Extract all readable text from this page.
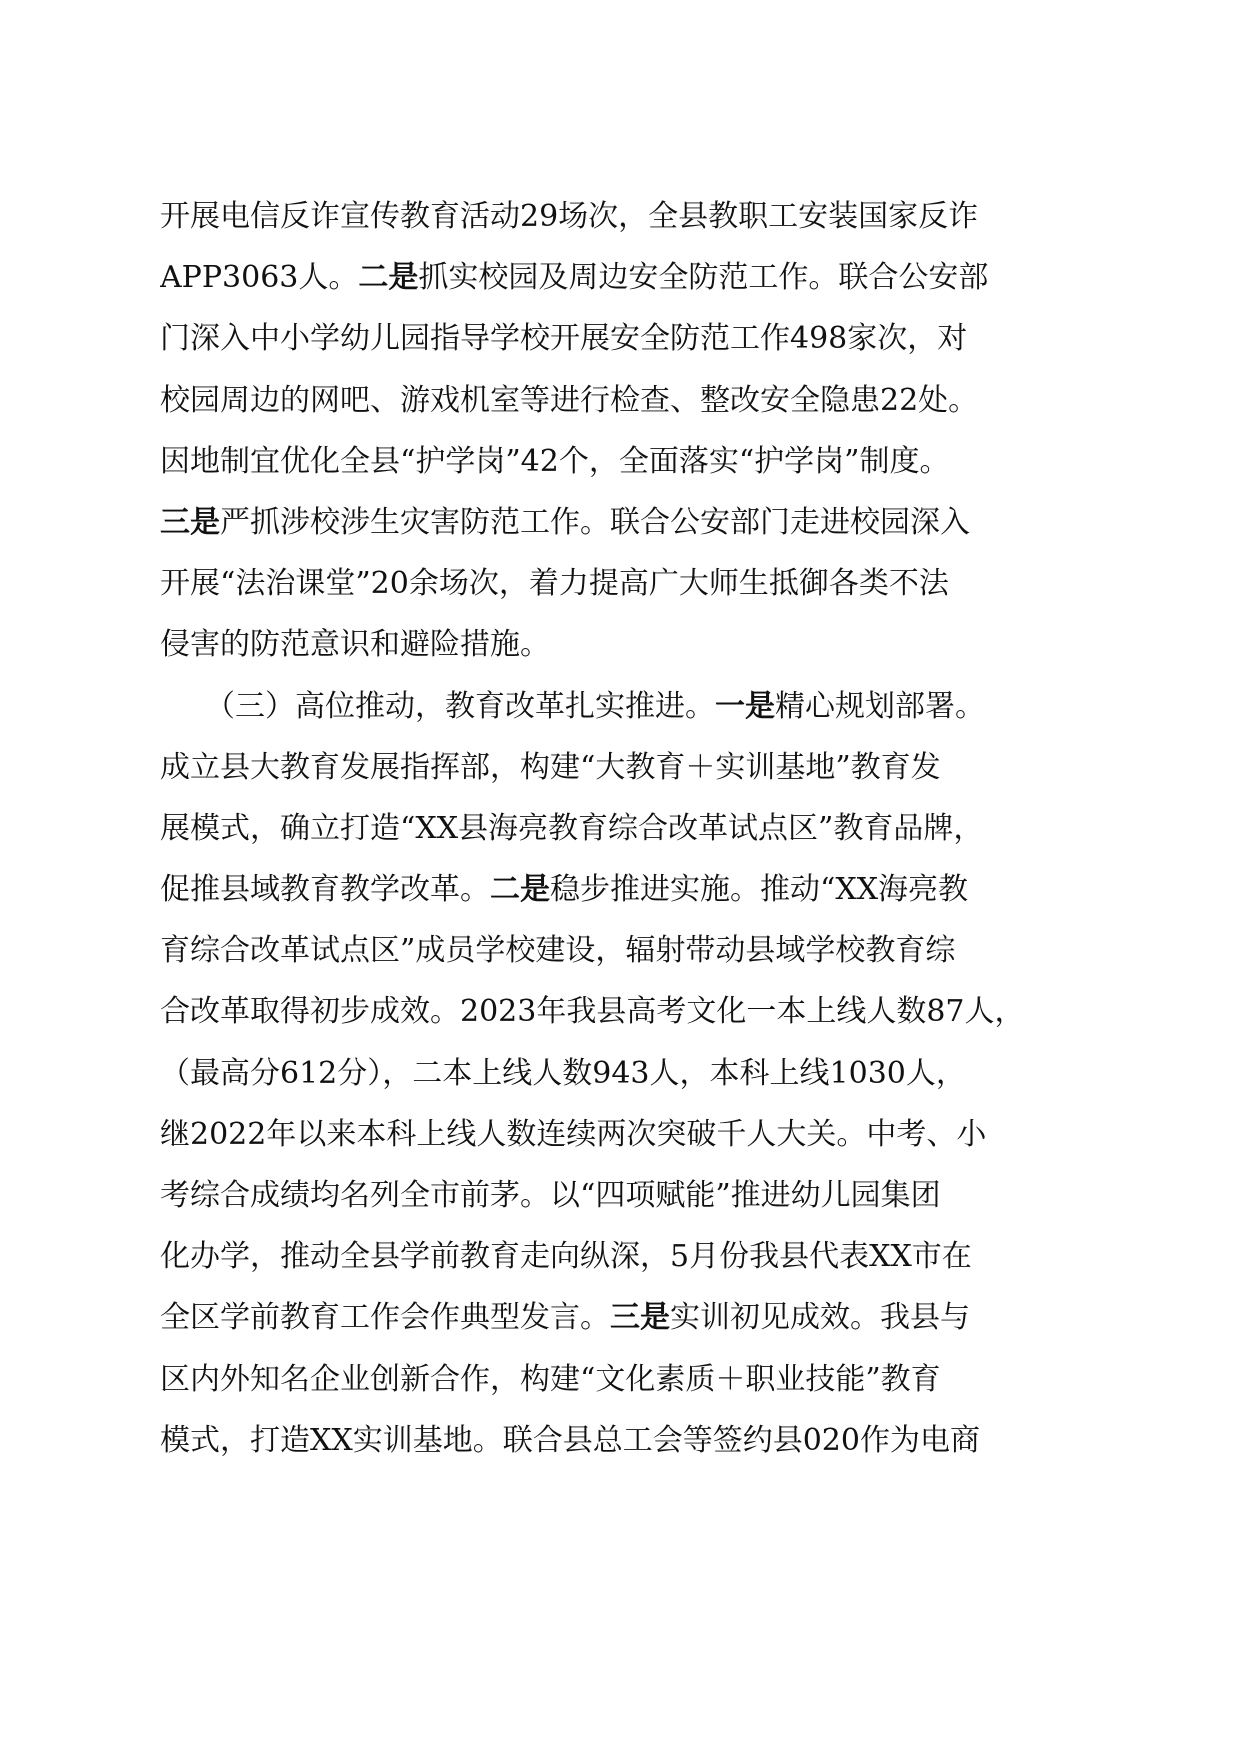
开展电信反诈宣传教育活动29场次，全县教职工安装国家反诈
APP3063人。二是抓实校园及周边安全防范工作。联合公安部
门深入中小学幼儿园指导学校开展安全防范工作498家次，对
校园周边的网吧、游戏机室等进行检查、整改安全隐患22处。
因地制宜优化全县“护学岗”42个，全面落实“护学岗”制度。
三是严抓涉校涉生灾害防范工作。联合公安部门走进校园深入
开展“法治课堂”20余场次，着力提高广大师生抵御各类不法
侵害的防范意识和避险措施。
　　（三）高位推动，教育改革扎实推进。一是精心规划部署。
成立县大教育发展指挥部，构建“大教育＋实训基地”教育发
展模式，确立打造“XX县海亮教育综合改革试点区”教育品牌，
促推县域教育教学改革。二是稳步推进实施。推动“XX海亮教
育综合改革试点区”成员学校建设，辐射带动县域学校教育综
合改革取得初步成效。2023年我县高考文化一本上线人数87人，
（最高分612分），二本上线人数943人，本科上线1030人，
继2022年以来本科上线人数连续两次突破千人大关。中考、小
考综合成绩均名列全市前茅。以“四项赋能”推进幼儿园集团
化办学，推动全县学前教育走向纵深，5月份我县代表XX市在
全区学前教育工作会作典型发言。三是实训初见成效。我县与
区内外知名企业创新合作，构建“文化素质＋职业技能”教育
模式，打造XX实训基地。联合县总工会等签约县020作为电商
